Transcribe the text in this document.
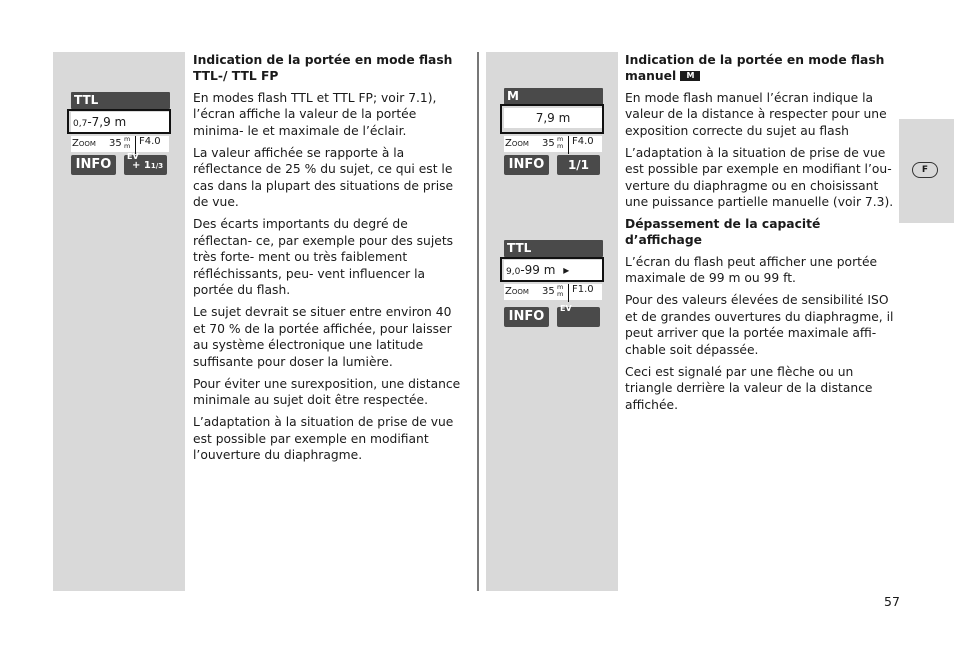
TTL
0,7-7,9 m
Zoom 35 m
m F4.0
INFO
EV
+ 11/3
M
7,9 m
Zoom 35 m
m F4.0
INFO	1/1
TTL
9,0-99 m ▸
Zoom 35 m
m F1.0
INFO
EV
Indication de la portée en mode flash TTL-/ TTL FP

En modes flash TTL et TTL FP; voir 7.1), l’écran affiche la valeur de la portée minima- le et maximale de l’éclair.

La valeur affichée se rapporte à la réflectance de 25 % du sujet, ce qui est le cas dans la plupart des situations de prise de vue.

Des écarts importants du degré de réflectan- ce, par exemple pour des sujets très forte- ment ou très faiblement réfléchissants, peu- vent influencer la portée du flash.

Le sujet devrait se situer entre environ 40 et 70 % de la portée affichée, pour laisser au système électronique une latitude suffisante pour doser la lumière.

Pour éviter une surexposition, une distance minimale au sujet doit être respectée.

L’adaptation à la situation de prise de vue est possible par exemple en modifiant l’ouverture du diaphragme.

Indication de la portée en mode flash manuel M

En mode flash manuel l’écran indique la valeur de la distance à respecter pour une exposition correcte du sujet au flash

L’adaptation à la situation de prise de vue est possible par exemple en modifiant l’ou- verture du diaphragme ou en choisissant une puissance partielle manuelle (voir 7.3).

Dépassement de la capacité d’affichage

L’écran du flash peut afficher une portée maximale de 99 m ou 99 ft.

Pour des valeurs élevées de sensibilité ISO et de grandes ouvertures du diaphragme, il peut arriver que la portée maximale affi- chable soit dépassée.

Ceci est signalé par une flèche ou un triangle derrière la valeur de la distance affichée.

F
57
